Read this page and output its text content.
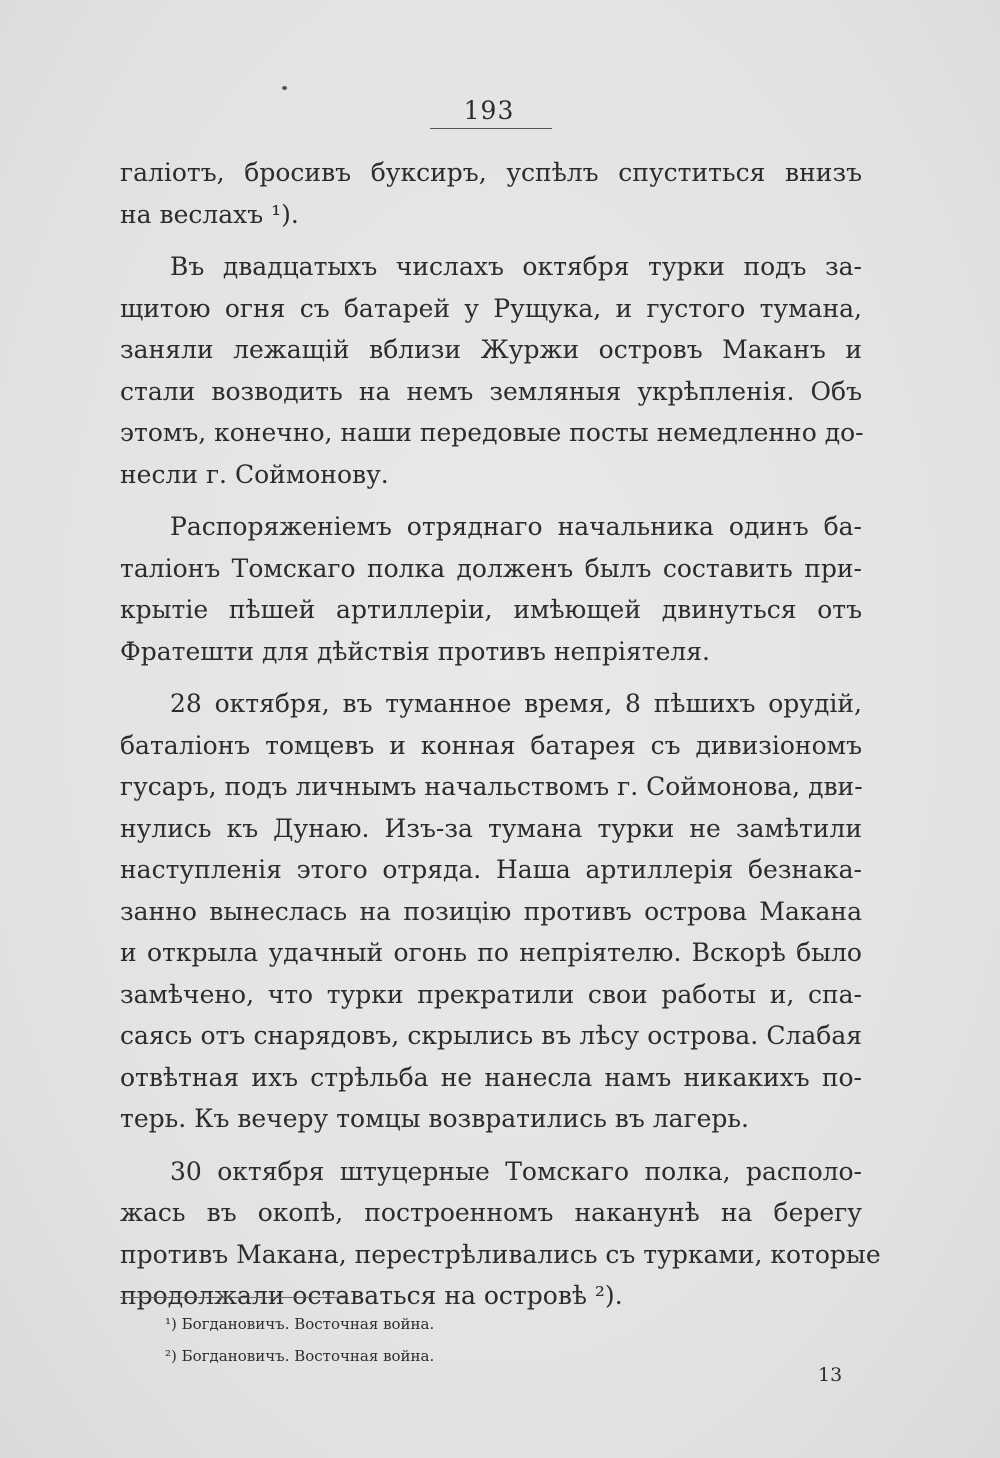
193

галіотъ, бросивъ буксиръ, успѣлъ спуститься внизъ
на веслахъ ¹).

Въ двадцатыхъ числахъ октября турки подъ за-
щитою огня съ батарей у Рущука, и густого тумана,
заняли лежащій вблизи Журжи островъ Маканъ и
стали возводить на немъ земляныя укрѣпленія. Объ
этомъ, конечно, наши передовые посты немедленно до-
несли г. Соймонову.

Распоряженіемъ отряднаго начальника одинъ ба-
таліонъ Томскаго полка долженъ былъ составить при-
крытіе пѣшей артиллеріи, имѣющей двинуться отъ
Фратешти для дѣйствія противъ непріятеля.

28 октября, въ туманное время, 8 пѣшихъ орудій,
баталіонъ томцевъ и конная батарея съ дивизіономъ
гусаръ, подъ личнымъ начальствомъ г. Соймонова, дви-
нулись къ Дунаю. Изъ-за тумана турки не замѣтили
наступленія этого отряда. Наша артиллерія безнака-
занно вынеслась на позицію противъ острова Макана
и открыла удачный огонь по непріятелю. Вскорѣ было
замѣчено, что турки прекратили свои работы и, спа-
саясь отъ снарядовъ, скрылись въ лѣсу острова. Слабая
отвѣтная ихъ стрѣльба не нанесла намъ никакихъ по-
терь. Къ вечеру томцы возвратились въ лагерь.

30 октября штуцерные Томскаго полка, располо-
жась въ окопѣ, построенномъ наканунѣ на берегу
противъ Макана, перестрѣливались съ турками, которые
продолжали оставаться на островѣ ²).

¹) Богдановичъ. Восточная война.
²) Богдановичъ. Восточная война.
13
